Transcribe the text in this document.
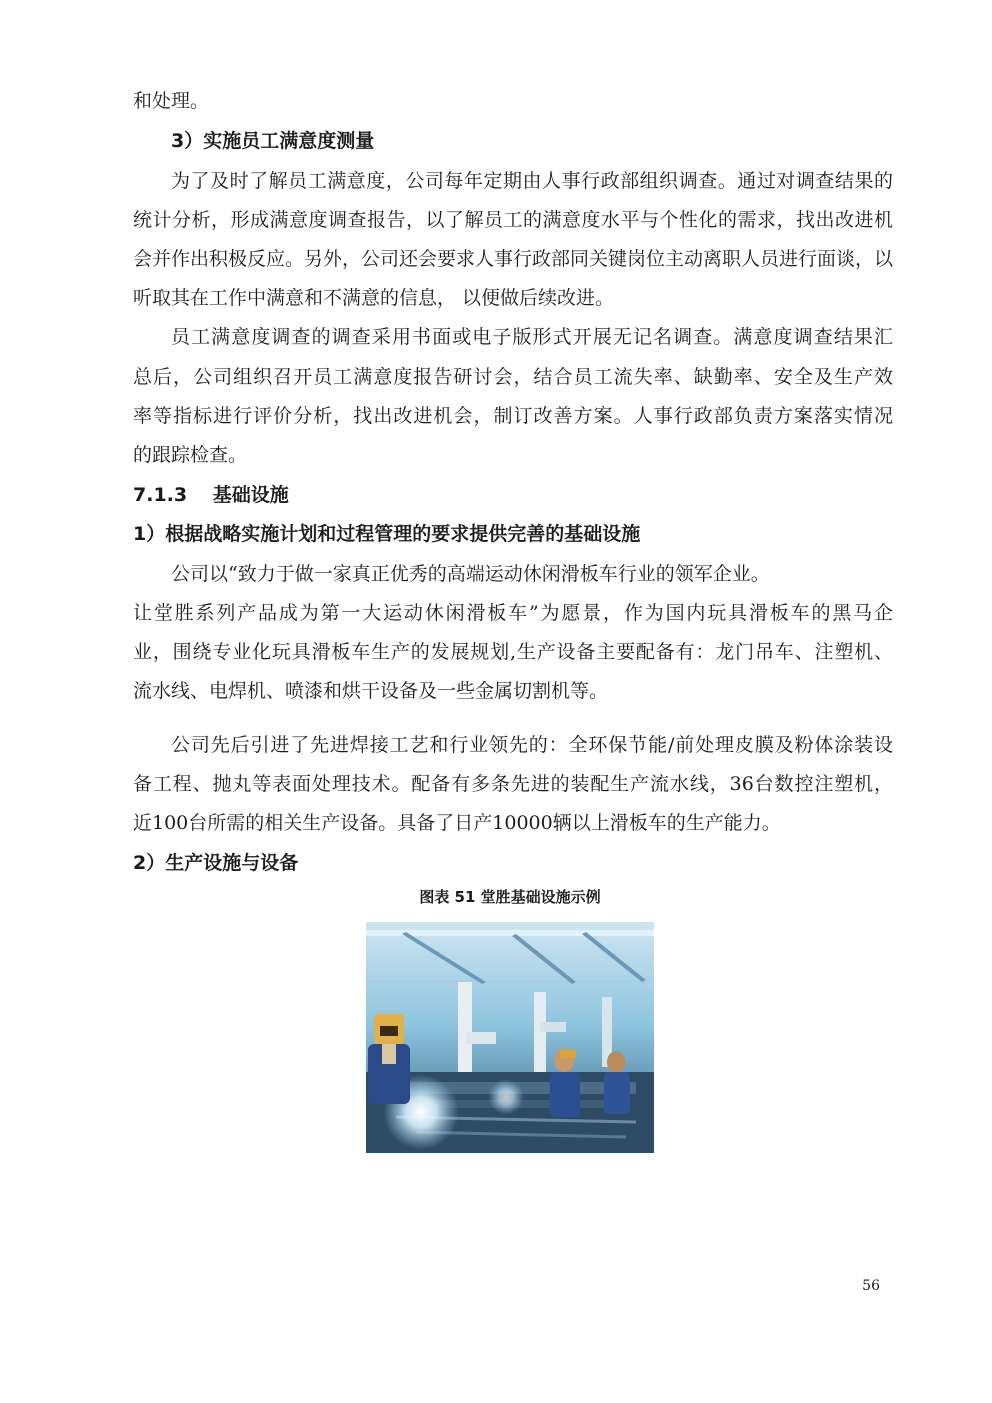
和处理。
3）实施员工满意度测量
为了及时了解员工满意度，公司每年定期由人事行政部组织调查。通过对调查结果的
统计分析，形成满意度调查报告，以了解员工的满意度水平与个性化的需求，找出改进机
会并作出积极反应。另外，公司还会要求人事行政部同关键岗位主动离职人员进行面谈，以
听取其在工作中满意和不满意的信息， 以便做后续改进。
员工满意度调查的调查采用书面或电子版形式开展无记名调查。满意度调查结果汇
总后，公司组织召开员工满意度报告研讨会，结合员工流失率、缺勤率、安全及生产效
率等指标进行评价分析，找出改进机会，制订改善方案。人事行政部负责方案落实情况
的跟踪检查。
7.1.3　 基础设施
1）根据战略实施计划和过程管理的要求提供完善的基础设施
公司以“致力于做一家真正优秀的高端运动休闲滑板车行业的领军企业。
让堂胜系列产品成为第一大运动休闲滑板车”为愿景，作为国内玩具滑板车的黑马企
业，围绕专业化玩具滑板车生产的发展规划,生产设备主要配备有：龙门吊车、注塑机、
流水线、电焊机、喷漆和烘干设备及一些金属切割机等。
公司先后引进了先进焊接工艺和行业领先的：全环保节能/前处理皮膜及粉体涂装设
备工程、抛丸等表面处理技术。配备有多条先进的装配生产流水线，36台数控注塑机，
近100台所需的相关生产设备。具备了日产10000辆以上滑板车的生产能力。
2）生产设施与设备
图表 51 堂胜基础设施示例
56
